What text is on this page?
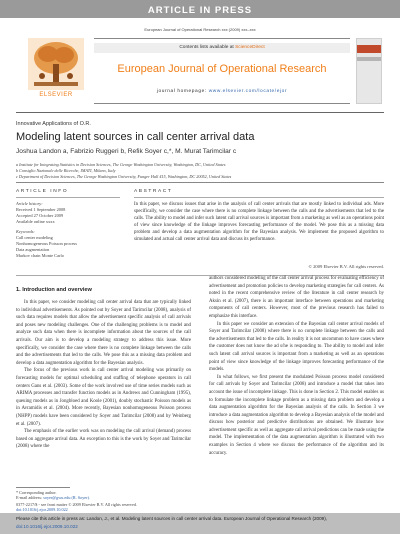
ARTICLE IN PRESS
European Journal of Operational Research xxx (2009) xxx–xxx
ELSEVIER
Contents lists available at ScienceDirect
European Journal of Operational Research
journal homepage: www.elsevier.com/locate/ejor
Innovative Applications of O.R.
Modeling latent sources in call center arrival data
Joshua Landon a, Fabrizio Ruggeri b, Refik Soyer c,*, M. Murat Tarimcilar c
a Institute for Integrating Statistics in Decision Sciences, The George Washington University, Washington, DC, United States
b Consiglio Nazionale delle Ricerche, IMATI, Milano, Italy
c Department of Decision Sciences, The George Washington University, Funger Hall 415, Washington, DC 20052, United States
ARTICLE INFO	ABSTRACT
Article history:
Received 1 September 2008
Accepted 27 October 2009
Available online xxxx
Keywords:
Call center modeling
Nonhomogeneous Poisson process
Data augmentation
Markov chain Monte Carlo
In this paper, we discuss issues that arise in the analysis of call center arrivals that are mostly linked to individual ads. More specifically, we consider the case where there is no complete linkage between the calls and the advertisements that led to the calls. The ability to model and infer such latent call arrival sources is important from a marketing as well as an operations point of view since knowledge of the linkage improves forecasting performance of the model. We pose this as a missing data problem and develop a data augmentation algorithm for the Bayesian analysis. We implement the proposed algorithm to simulated and actual call center arrival data and discuss its performance.
© 2009 Elsevier B.V. All rights reserved.
1. Introduction and overview

In this paper, we consider modeling call center arrival data that are typically linked to individual advertisements. As pointed out by Soyer and Tarimcilar (2008), analysis of such data requires models that allow the advertisement specific analysis of call arrivals and poses new modeling challenges. One of the challenging problems is to model and analyze such data when there is incomplete information about the sources of the call arrivals. Our aim is to develop a modeling strategy to address this issue. More specifically, we consider the case where there is no complete linkage between the calls and the advertisements that led to the calls. We pose this as a missing data problem and develop a data augmentation algorithm for the Bayesian analysis.

The focus of the previous work in call center arrival modeling was primarily on forecasting models for optimal scheduling and staffing of telephone operators in call centers Gans et al. (2003). Some of the work involved use of time series models such as ARIMA processes and transfer function models as in Andrews and Cunningham (1995), queuing models as in Jongbloed and Koole (2001), doubly stochastic Poisson models as in Avramidis et al. (2004). More recently, Bayesian nonhomogeneous Poisson process (NHPP) models have been considered by Soyer and Tarimcilar (2008) and by Weinberg et al. (2007).

The emphasis of the earlier work was on modeling the call arrival (demand) process based on aggregate arrival data. An exception to this is the work by Soyer and Tarimcilar (2008) where the

authors considered modeling of the call center arrival process for evaluating efficiency of advertisement and promotion policies to develop marketing strategies for call centers. As noted in the recent comprehensive review of the literature in call center research by Aksin et al. (2007), there is an important interface between operations and marketing components of call centers. However, most of the previous research has failed to emphasize this interface.

In this paper we consider an extension of the Bayesian call center arrival models of Soyer and Tarimcilar (2008) where there is no complete linkage between the calls and the advertisements that led to the calls. In reality it is not uncommon to have cases where the customer does not know the ad s/he is responding to. The ability to model and infer such latent call arrival sources is important from a marketing as well as an operations point of view since knowledge of the linkage improves forecasting performance of the models.

In what follows, we first present the modulated Poisson process model considered for call arrivals by Soyer and Tarimcilar (2008) and introduce a model that takes into account the issue of incomplete linkage. This is done in Section 2. This model enables us to formulate the incomplete linkage problem as a missing data problem and develop a data augmentation algorithm for the Bayesian analysis of the calls. In Section 3 we introduce a data augmentation algorithm to develop a Bayesian analysis of the model and discuss how posterior and predictive distributions are obtained. We illustrate how advertisement specific as well as aggregate call arrival predictions can be made using the model. The implementation of the data augmentation algorithm is illustrated with two examples in Section 4 where we discuss the performance of the algorithm and its accuracy.

* Corresponding author.
E-mail address: soyer@gwu.edu (R. Soyer).
0377-2217/$ - see front matter © 2009 Elsevier B.V. All rights reserved.
doi:10.1016/j.ejor.2009.10.022
Please cite this article in press as: Landon, J., et al. Modeling latent sources in call center arrival data. European Journal of Operational Research (2009),
doi:10.1016/j.ejor.2009.10.022
